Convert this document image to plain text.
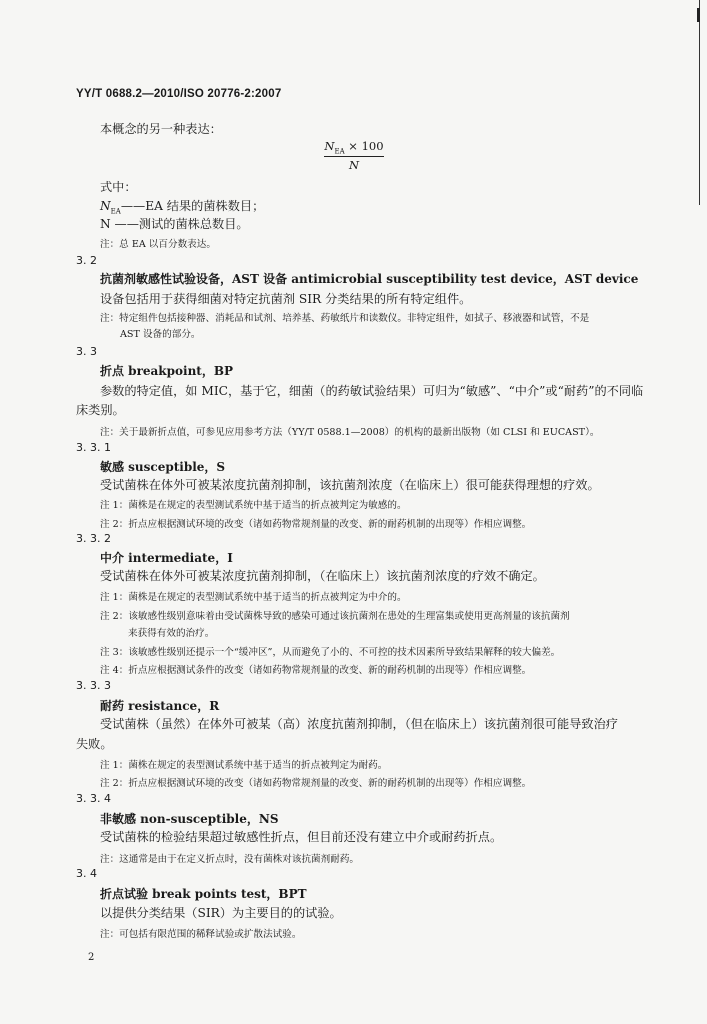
YY/T 0688.2—2010/ISO 20776-2:2007
本概念的另一种表达：
$N_{EA} \times 100$
N
式中：
$N_{EA}——EA$ 结果的菌株数目；
N ——测试的菌株总数目。
注：总 EA 以百分数表达。
3. 2
抗菌剂敏感性试验设备，AST 设备 antimicrobial susceptibility test device，AST device
设备包括用于获得细菌对特定抗菌剂 SIR 分类结果的所有特定组件。
注：特定组件包括接种器、消耗品和试剂、培养基、药敏纸片和读数仪。非特定组件，如拭子、移液器和试管，不是
AST 设备的部分。
3. 3
折点 breakpoint，BP
参数的特定值，如 MIC，基于它，细菌（的药敏试验结果）可归为“敏感”、“中介”或“耐药”的不同临
床类别。
注：关于最新折点值，可参见应用参考方法（YY/T 0588.1—2008）的机构的最新出版物（如 CLSI 和 EUCAST）。
3. 3. 1
敏感 susceptible，S
受试菌株在体外可被某浓度抗菌剂抑制，该抗菌剂浓度（在临床上）很可能获得理想的疗效。
注 1：菌株是在规定的表型测试系统中基于适当的折点被判定为敏感的。
注 2：折点应根据测试环境的改变（诸如药物常规剂量的改变、新的耐药机制的出现等）作相应调整。
3. 3. 2
中介 intermediate，I
受试菌株在体外可被某浓度抗菌剂抑制，（在临床上）该抗菌剂浓度的疗效不确定。
注 1：菌株是在规定的表型测试系统中基于适当的折点被判定为中介的。
注 2：该敏感性级别意味着由受试菌株导致的感染可通过该抗菌剂在患处的生理富集或使用更高剂量的该抗菌剂
来获得有效的治疗。
注 3：该敏感性级别还提示一个“缓冲区”，从而避免了小的、不可控的技术因素所导致结果解释的较大偏差。
注 4：折点应根据测试条件的改变（诸如药物常规剂量的改变、新的耐药机制的出现等）作相应调整。
3. 3. 3
耐药 resistance，R
受试菌株（虽然）在体外可被某（高）浓度抗菌剂抑制，（但在临床上）该抗菌剂很可能导致治疗
失败。
注 1：菌株在规定的表型测试系统中基于适当的折点被判定为耐药。
注 2：折点应根据测试环境的改变（诸如药物常规剂量的改变、新的耐药机制的出现等）作相应调整。
3. 3. 4
非敏感 non-susceptible，NS
受试菌株的检验结果超过敏感性折点，但目前还没有建立中介或耐药折点。
注：这通常是由于在定义折点时，没有菌株对该抗菌剂耐药。
3. 4
折点试验 break points test，BPT
以提供分类结果（SIR）为主要目的的试验。
注：可包括有限范围的稀释试验或扩散法试验。
2
